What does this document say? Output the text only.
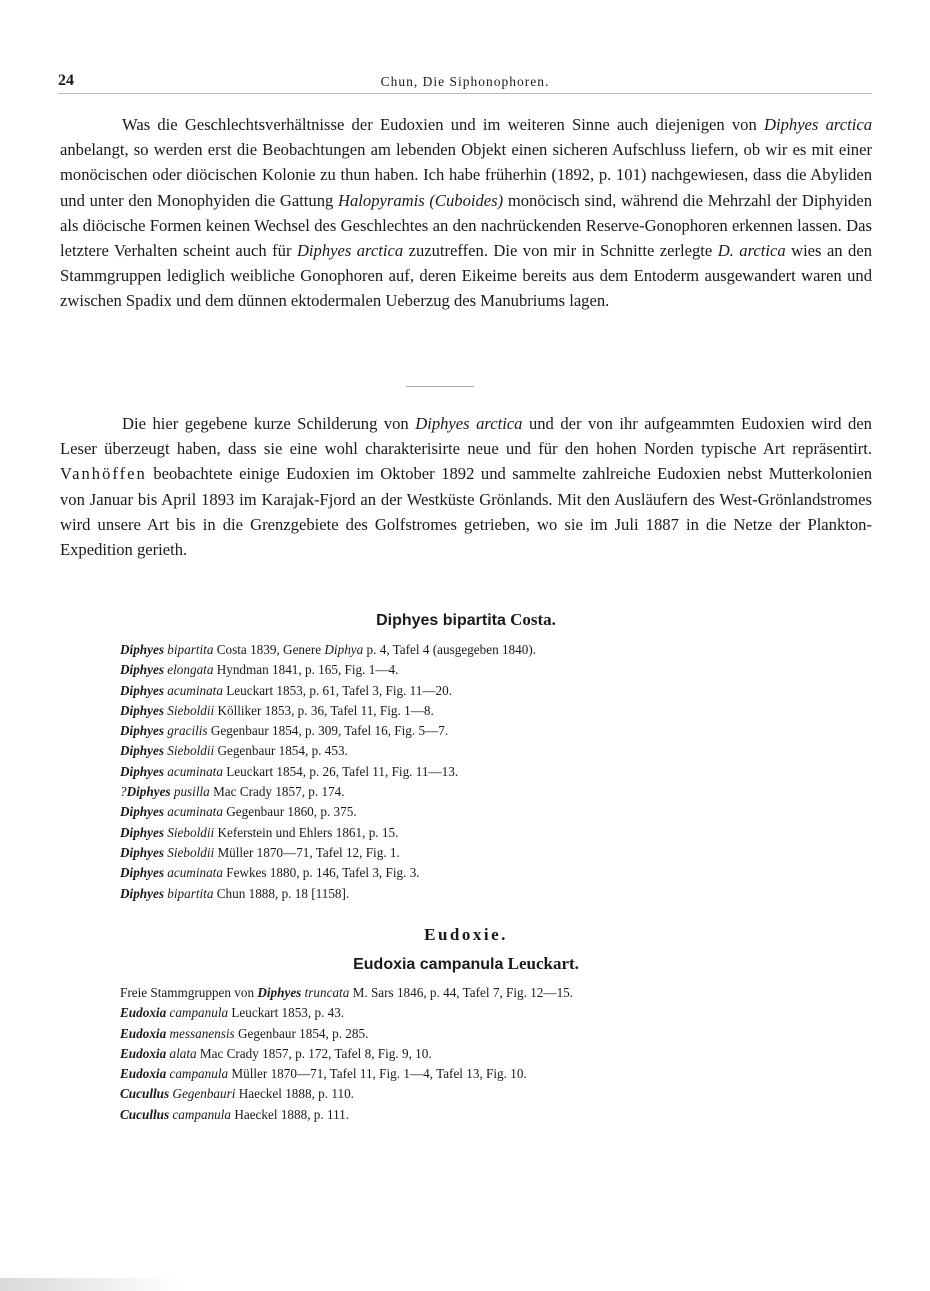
24	Chun, Die Siphonophoren.

Was die Geschlechtsverhältnisse der Eudoxien und im weiteren Sinne auch diejenigen von Diphyes arctica anbelangt, so werden erst die Beobachtungen am lebenden Objekt einen sicheren Aufschluss liefern, ob wir es mit einer monöcischen oder diöcischen Kolonie zu thun haben. Ich habe früherhin (1892, p. 101) nachgewiesen, dass die Abyliden und unter den Monophyiden die Gattung Halopyramis (Cuboides) monöcisch sind, während die Mehrzahl der Diphyiden als diöcische Formen keinen Wechsel des Geschlechtes an den nachrückenden Reserve-Gonophoren erkennen lassen. Das letztere Verhalten scheint auch für Diphyes arctica zuzutreffen. Die von mir in Schnitte zerlegte D. arctica wies an den Stammgruppen lediglich weibliche Gonophoren auf, deren Eikeime bereits aus dem Entoderm ausgewandert waren und zwischen Spadix und dem dünnen ektodermalen Ueberzug des Manubriums lagen.

Die hier gegebene kurze Schilderung von Diphyes arctica und der von ihr aufgeammten Eudoxien wird den Leser überzeugt haben, dass sie eine wohl charakterisirte neue und für den hohen Norden typische Art repräsentirt. Vanhöffen beobachtete einige Eudoxien im Oktober 1892 und sammelte zahlreiche Eudoxien nebst Mutterkolonien von Januar bis April 1893 im Karajak-Fjord an der Westküste Grönlands. Mit den Ausläufern des West-Grönlandstromes wird unsere Art bis in die Grenzgebiete des Golfstromes getrieben, wo sie im Juli 1887 in die Netze der Plankton-Expedition gerieth.

Diphyes bipartita Costa.
Diphyes bipartita Costa 1839, Genere Diphya p. 4, Tafel 4 (ausgegeben 1840).
Diphyes elongata Hyndman 1841, p. 165, Fig. 1—4.
Diphyes acuminata Leuckart 1853, p. 61, Tafel 3, Fig. 11—20.
Diphyes Sieboldii Kölliker 1853, p. 36, Tafel 11, Fig. 1—8.
Diphyes gracilis Gegenbaur 1854, p. 309, Tafel 16, Fig. 5—7.
Diphyes Sieboldii Gegenbaur 1854, p. 453.
Diphyes acuminata Leuckart 1854, p. 26, Tafel 11, Fig. 11—13.
?Diphyes pusilla Mac Crady 1857, p. 174.
Diphyes acuminata Gegenbaur 1860, p. 375.
Diphyes Sieboldii Keferstein und Ehlers 1861, p. 15.
Diphyes Sieboldii Müller 1870—71, Tafel 12, Fig. 1.
Diphyes acuminata Fewkes 1880, p. 146, Tafel 3, Fig. 3.
Diphyes bipartita Chun 1888, p. 18 [1158].
Eudoxie.
Eudoxia campanula Leuckart.
Freie Stammgruppen von Diphyes truncata M. Sars 1846, p. 44, Tafel 7, Fig. 12—15.
Eudoxia campanula Leuckart 1853, p. 43.
Eudoxia messanensis Gegenbaur 1854, p. 285.
Eudoxia alata Mac Crady 1857, p. 172, Tafel 8, Fig. 9, 10.
Eudoxia campanula Müller 1870—71, Tafel 11, Fig. 1—4, Tafel 13, Fig. 10.
Cucullus Gegenbauri Haeckel 1888, p. 110.
Cucullus campanula Haeckel 1888, p. 111.
